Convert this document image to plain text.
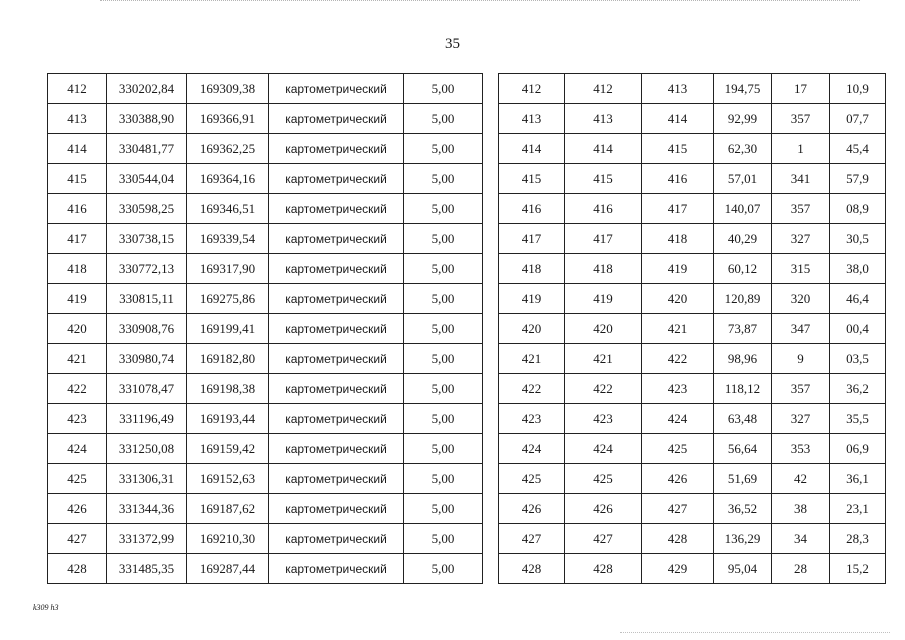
35
412	330202,84	169309,38	картометрический	5,00
413	330388,90	169366,91	картометрический	5,00
414	330481,77	169362,25	картометрический	5,00
415	330544,04	169364,16	картометрический	5,00
416	330598,25	169346,51	картометрический	5,00
417	330738,15	169339,54	картометрический	5,00
418	330772,13	169317,90	картометрический	5,00
419	330815,11	169275,86	картометрический	5,00
420	330908,76	169199,41	картометрический	5,00
421	330980,74	169182,80	картометрический	5,00
422	331078,47	169198,38	картометрический	5,00
423	331196,49	169193,44	картометрический	5,00
424	331250,08	169159,42	картометрический	5,00
425	331306,31	169152,63	картометрический	5,00
426	331344,36	169187,62	картометрический	5,00
427	331372,99	169210,30	картометрический	5,00
428	331485,35	169287,44	картометрический	5,00
412	412	413	194,75	17	10,9
413	413	414	92,99	357	07,7
414	414	415	62,30	1	45,4
415	415	416	57,01	341	57,9
416	416	417	140,07	357	08,9
417	417	418	40,29	327	30,5
418	418	419	60,12	315	38,0
419	419	420	120,89	320	46,4
420	420	421	73,87	347	00,4
421	421	422	98,96	9	03,5
422	422	423	118,12	357	36,2
423	423	424	63,48	327	35,5
424	424	425	56,64	353	06,9
425	425	426	51,69	42	36,1
426	426	427	36,52	38	23,1
427	427	428	136,29	34	28,3
428	428	429	95,04	28	15,2
k309 h3
